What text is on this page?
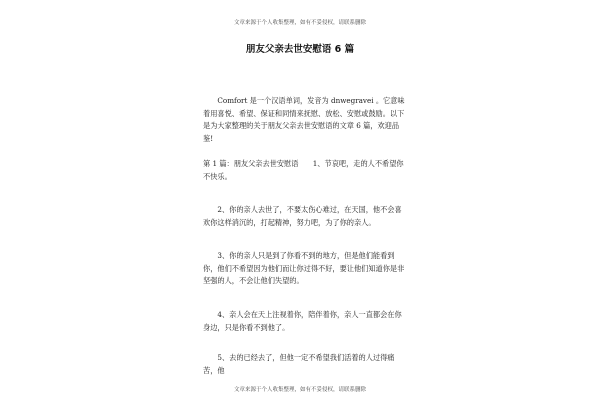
文章来源于个人收集整理，如有不妥侵权，请联系删除
朋友父亲去世安慰语 6 篇

Comfort 是一个汉语单词，发音为 dnwegravei 。它意味着用喜悦、希望、保证和同情来抚慰、放松、安慰或鼓励。以下是为大家整理的关于朋友父亲去世安慰语的文章 6 篇，欢迎品鉴!

第 1 篇：朋友父亲去世安慰语　　1、节哀吧，走的人不希望你不快乐。

2、你的亲人去世了，不要太伤心难过，在天国，他不会喜欢你这样消沉的，打起精神，努力吧，为了你的亲人。

3、你的亲人只是到了你看不到的地方，但是他们能看到你，他们不希望因为他们而让你过得不好，要让他们知道你是非坚强的人，不会让他们失望的。

4、亲人会在天上注视着你，陪伴着你，亲人一直都会在你身边，只是你看不到他了。

5、去的已经去了，但他一定不希望我们活着的人过得痛苦，他

文章来源于个人收集整理，如有不妥侵权，请联系删除
